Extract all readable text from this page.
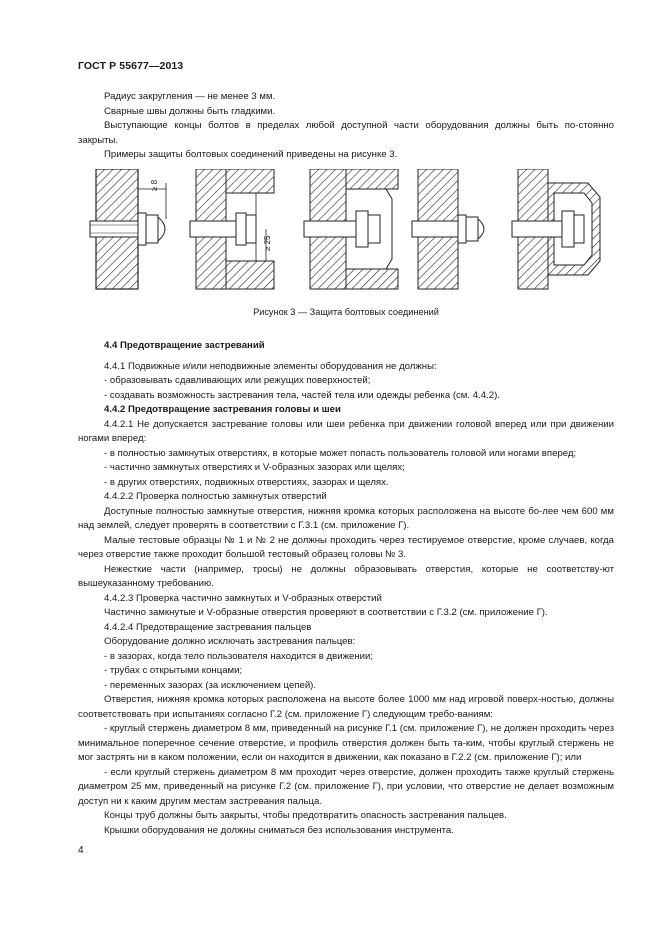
ГОСТ Р 55677—2013
Радиус закругления — не менее 3 мм.
Сварные швы должны быть гладкими.
Выступающие концы болтов в пределах любой доступной части оборудования должны быть по-стоянно закрыты.
Примеры защиты болтовых соединений приведены на рисунке 3.
≥ 8
≥ 25
Рисунок 3 — Защита болтовых соединений
4.4 Предотвращение застреваний
4.4.1 Подвижные и/или неподвижные элементы оборудования не должны:
- образовывать сдавливающих или режущих поверхностей;
- создавать возможность застревания тела, частей тела или одежды ребенка (см. 4.4.2).
4.4.2 Предотвращение застревания головы и шеи
4.4.2.1 Не допускается застревание головы или шеи ребенка при движении головой вперед или при движении ногами вперед:
- в полностью замкнутых отверстиях, в которые может попасть пользователь головой или ногами вперед;
- частично замкнутых отверстиях и V-образных зазорах или щелях;
- в других отверстиях, подвижных отверстиях, зазорах и щелях.
4.4.2.2 Проверка полностью замкнутых отверстий
Доступные полностью замкнутые отверстия, нижняя кромка которых расположена на высоте бо-лее чем 600 мм над землей, следует проверять в соответствии с Г.3.1 (см. приложение Г).
Малые тестовые образцы № 1 и № 2 не должны проходить через тестируемое отверстие, кроме случаев, когда через отверстие также проходит большой тестовый образец головы № 3.
Нежесткие части (например, тросы) не должны образовывать отверстия, которые не соответству-ют вышеуказанному требованию.
4.4.2.3 Проверка частично замкнутых и V-образных отверстий
Частично замкнутые и V-образные отверстия проверяют в соответствии с Г.3.2 (см. приложение Г).
4.4.2.4 Предотвращение застревания пальцев
Оборудование должно исключать застревания пальцев:
- в зазорах, когда тело пользователя находится в движении;
- трубах с открытыми концами;
- переменных зазорах (за исключением цепей).
Отверстия, нижняя кромка которых расположена на высоте более 1000 мм над игровой поверх-ностью, должны соответствовать при испытаниях согласно Г.2 (см. приложение Г) следующим требо-ваниям:
- круглый стержень диаметром 8 мм, приведенный на рисунке Г.1 (см. приложение Г), не должен проходить через минимальное поперечное сечение отверстие, и профиль отверстия должен быть та-ким, чтобы круглый стержень не мог застрять ни в каком положении, если он находится в движении, как показано в Г.2.2 (см. приложение Г); или
- если круглый стержень диаметром 8 мм проходит через отверстие, должен проходить также круглый стержень диаметром 25 мм, приведенный на рисунке Г.2 (см. приложение Г), при условии, что отверстие не делает возможным доступ ни к каким другим местам застревания пальца.
Концы труб должны быть закрыты, чтобы предотвратить опасность застревания пальцев.
Крышки оборудования не должны сниматься без использования инструмента.
4
